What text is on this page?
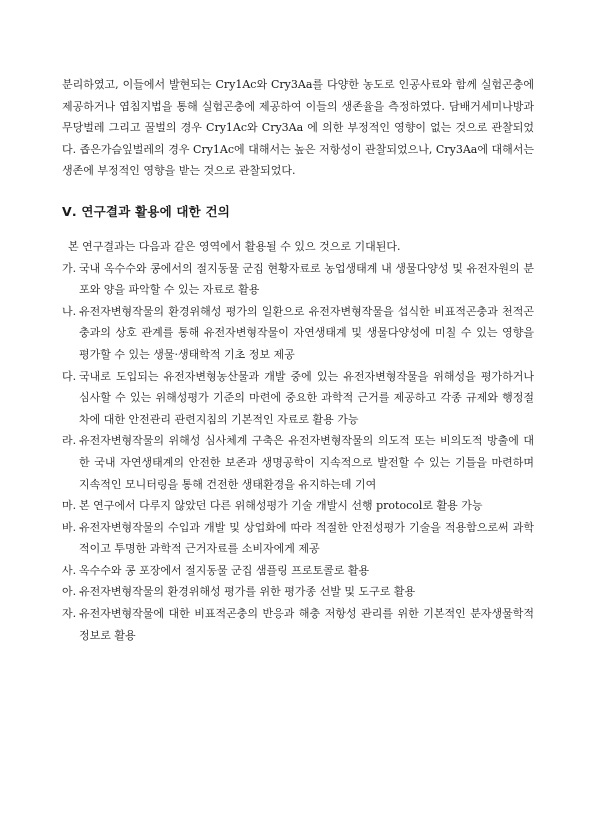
분리하였고, 이들에서 발현되는 Cry1Ac와 Cry3Aa를 다양한 농도로 인공사료와 함께 실험곤충에 제공하거나 엽침지법을 통해 실험곤충에 제공하여 이들의 생존율을 측정하였다. 담배거세미나방과 무당벌레 그리고 꿀벌의 경우 Cry1Ac와 Cry3Aa 에 의한 부정적인 영향이 없는 것으로 관찰되었다. 좁은가슴잎벌레의 경우 Cry1Ac에 대해서는 높은 저항성이 관찰되었으나, Cry3Aa에 대해서는 생존에 부정적인 영향을 받는 것으로 관찰되었다.

Ⅴ. 연구결과 활용에 대한 건의

본 연구결과는 다음과 같은 영역에서 활용될 수 있으 것으로 기대된다.

가. 국내 옥수수와 콩에서의 절지동물 군집 현황자료로 농업생태계 내 생물다양성 및 유전자원의 분포와 양을 파악할 수 있는 자료로 활용
나. 유전자변형작물의 환경위해성 평가의 일환으로 유전자변형작물을 섭식한 비표적곤충과 천적곤충과의 상호 관계를 통해 유전자변형작물이 자연생태계 및 생물다양성에 미칠 수 있는 영향을 평가할 수 있는 생물·생태학적 기초 정보 제공
다. 국내로 도입되는 유전자변형농산물과 개발 중에 있는 유전자변형작물을 위해성을 평가하거나 심사할 수 있는 위해성평가 기준의 마련에 중요한 과학적 근거를 제공하고 각종 규제와 행정절차에 대한 안전관리 관련지침의 기본적인 자료로 활용 가능
라. 유전자변형작물의 위해성 심사체계 구축은 유전자변형작물의 의도적 또는 비의도적 방출에 대한 국내 자연생태계의 안전한 보존과 생명공학이 지속적으로 발전할 수 있는 기틀을 마련하며 지속적인 모니터링을 통해 건전한 생태환경을 유지하는데 기여
마. 본 연구에서 다루지 않았던 다른 위해성평가 기술 개발시 선행 protocol로 활용 가능
바. 유전자변형작물의 수입과 개발 및 상업화에 따라 적절한 안전성평가 기술을 적용함으로써 과학적이고 투명한 과학적 근거자료를 소비자에게 제공
사. 옥수수와 콩 포장에서 절지동물 군집 샘플링 프로토콜로 활용
아. 유전자변형작물의 환경위해성 평가를 위한 평가종 선발 및 도구로 활용
자. 유전자변형작물에 대한 비표적곤충의 반응과 해충 저항성 관리를 위한 기본적인 분자생물학적 정보로 활용
